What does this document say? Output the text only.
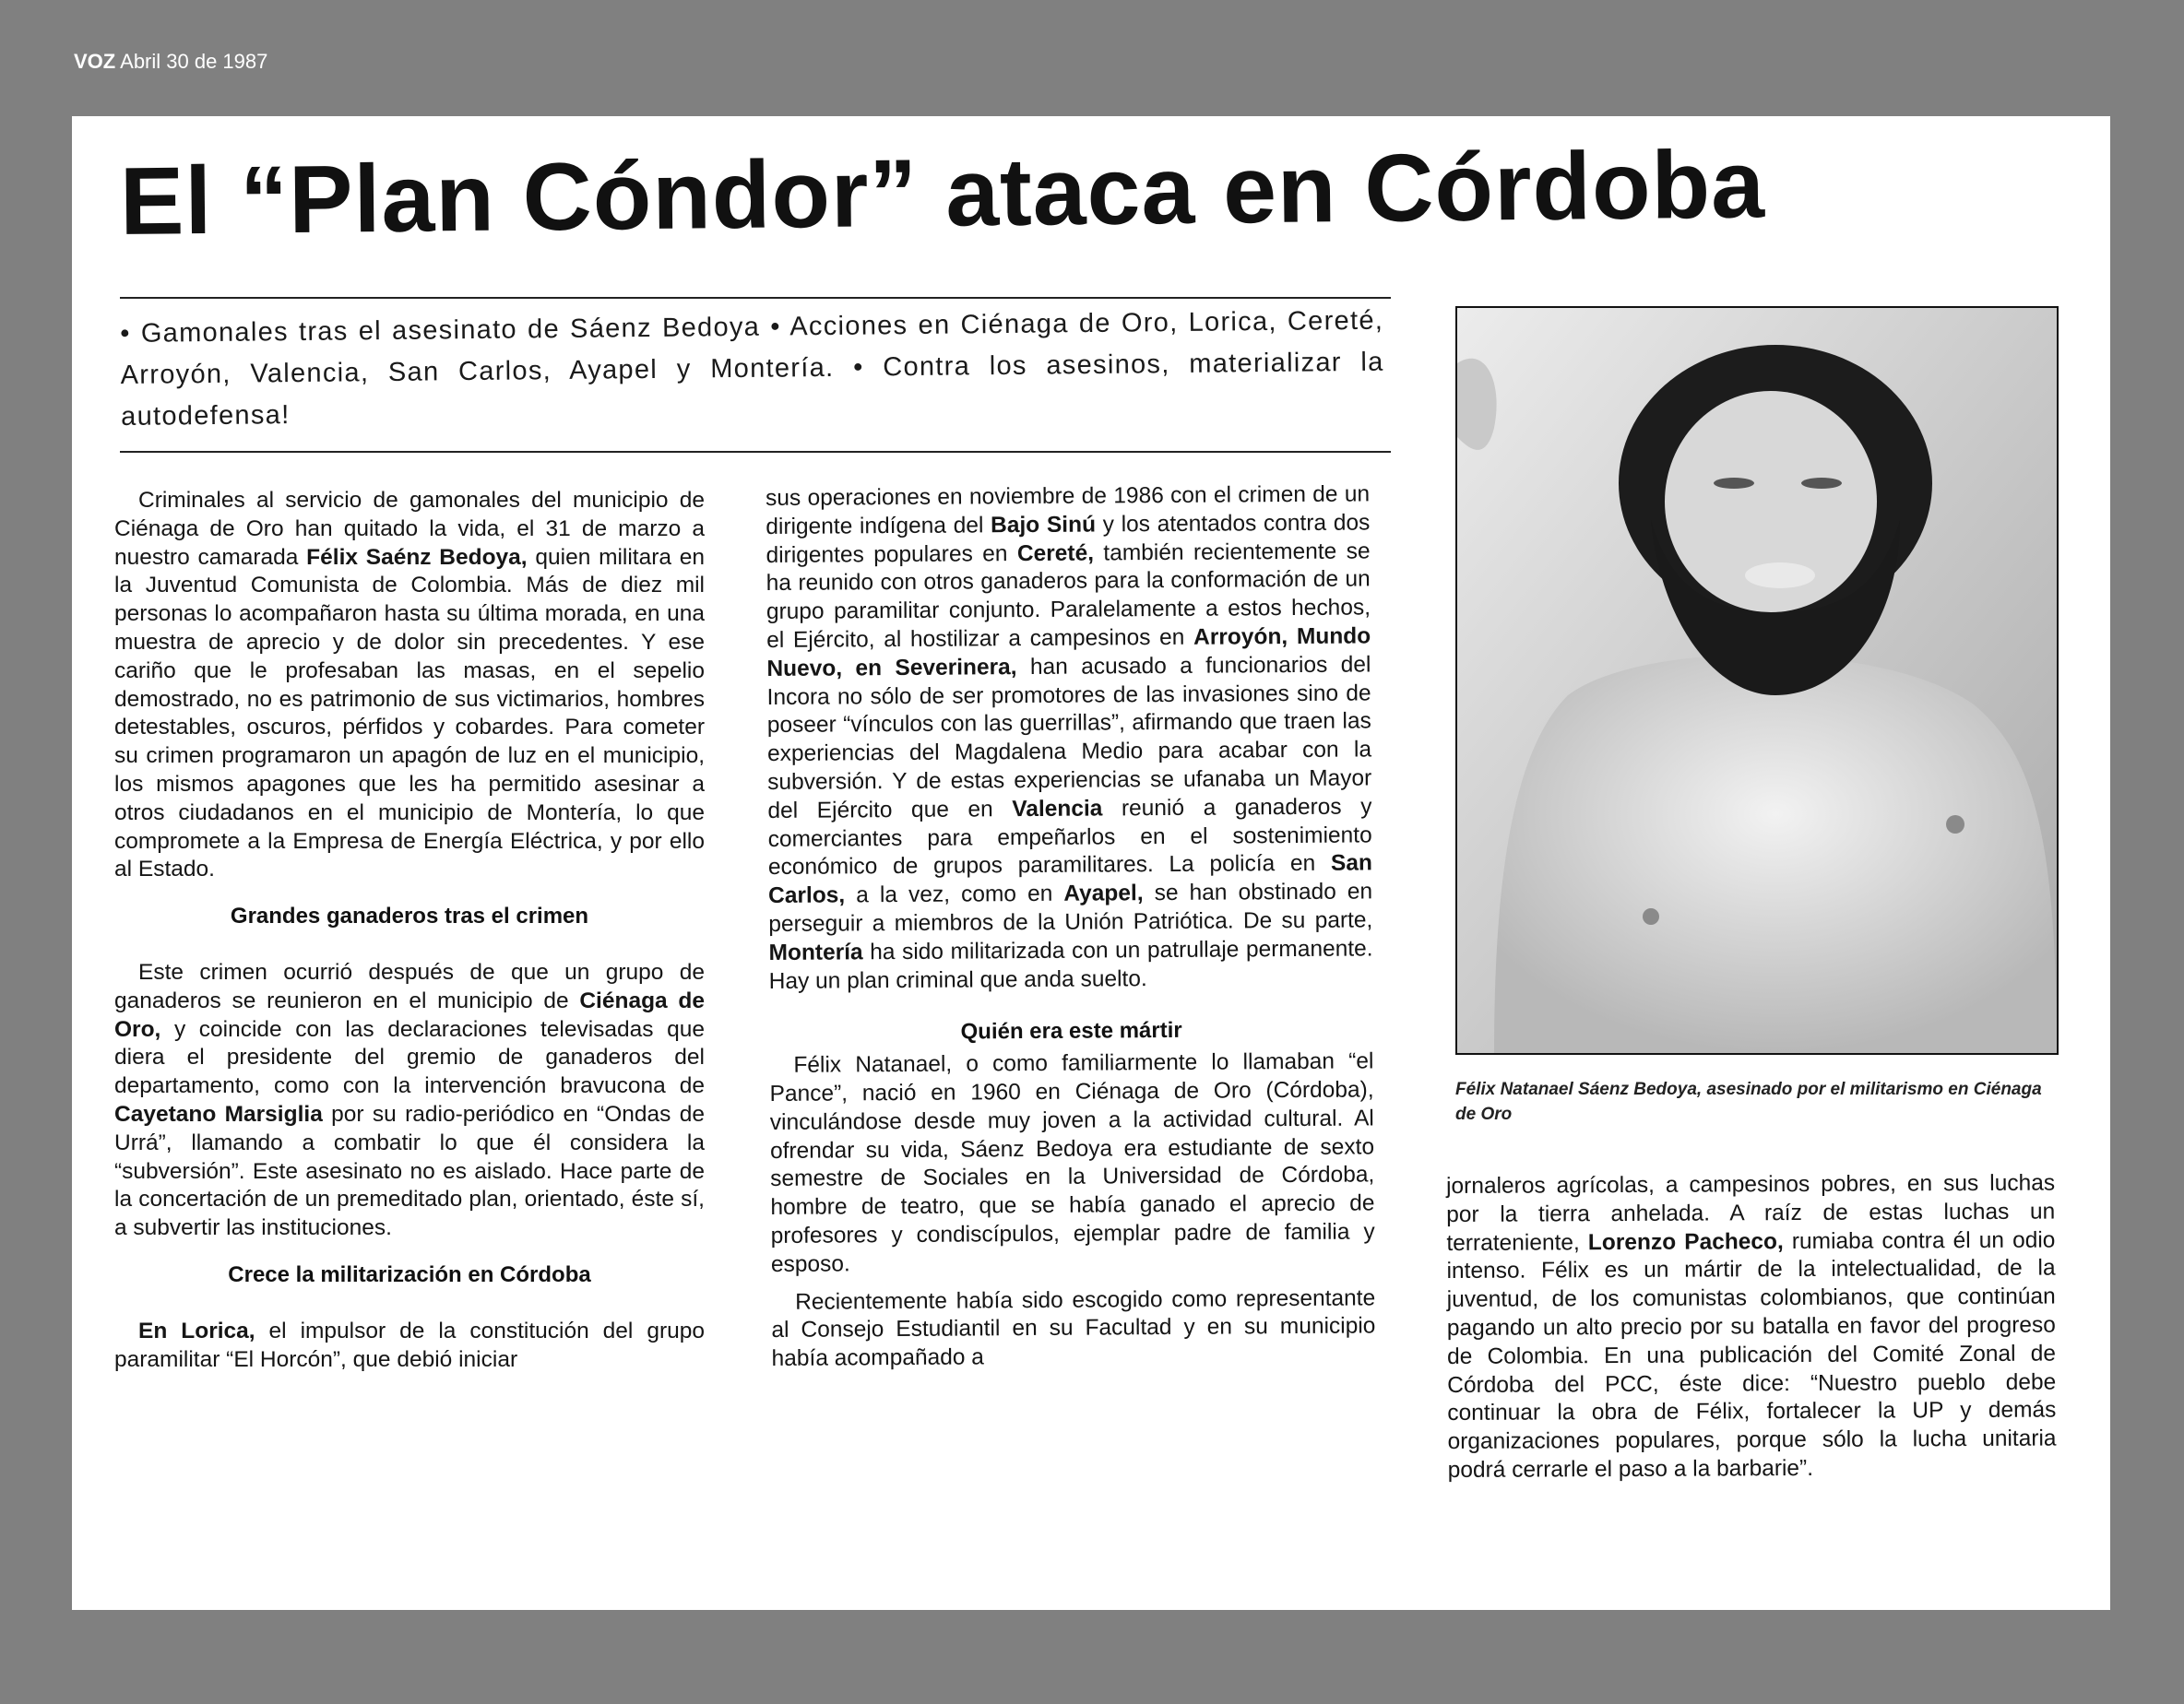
VOZ Abril 30 de 1987
El “Plan Cóndor” ataca en Córdoba
• Gamonales tras el asesinato de Sáenz Bedoya • Acciones en Ciénaga de Oro, Lorica, Cereté, Arroyón, Valencia, San Carlos, Ayapel y Montería. • Contra los asesinos, materializar la autodefensa!

Criminales al servicio de gamonales del municipio de Ciénaga de Oro han quitado la vida, el 31 de marzo a nuestro camarada Félix Saénz Bedoya, quien militara en la Juventud Comunista de Colombia. Más de diez mil personas lo acompañaron hasta su última morada, en una muestra de aprecio y de dolor sin precedentes. Y ese cariño que le profesaban las masas, en el sepelio demostrado, no es patrimonio de sus victimarios, hombres detestables, oscuros, pérfidos y cobardes. Para cometer su crimen programaron un apagón de luz en el municipio, los mismos apagones que les ha permitido asesinar a otros ciudadanos en el municipio de Montería, lo que compromete a la Empresa de Energía Eléctrica, y por ello al Estado.

Grandes ganaderos tras el crimen

Este crimen ocurrió después de que un grupo de ganaderos se reunieron en el municipio de Ciénaga de Oro, y coincide con las declaraciones televisadas que diera el presidente del gremio de ganaderos del departamento, como con la intervención bravucona de Cayetano Marsiglia por su radio-periódico en “Ondas de Urrá”, llamando a combatir lo que él considera la “subversión”. Este asesinato no es aislado. Hace parte de la concertación de un premeditado plan, orientado, éste sí, a subvertir las instituciones.

Crece la militarización en Córdoba

En Lorica, el impulsor de la constitución del grupo paramilitar “El Horcón”, que debió iniciar

sus operaciones en noviembre de 1986 con el crimen de un dirigente indígena del Bajo Sinú y los atentados contra dos dirigentes populares en Cereté, también recientemente se ha reunido con otros ganaderos para la conformación de un grupo paramilitar conjunto. Paralelamente a estos hechos, el Ejército, al hostilizar a campesinos en Arroyón, Mundo Nuevo, en Severinera, han acusado a funcionarios del Incora no sólo de ser promotores de las invasiones sino de poseer “vínculos con las guerrillas”, afirmando que traen las experiencias del Magdalena Medio para acabar con la subversión. Y de estas experiencias se ufanaba un Mayor del Ejército que en Valencia reunió a ganaderos y comerciantes para empeñarlos en el sostenimiento económico de grupos paramilitares. La policía en San Carlos, a la vez, como en Ayapel, se han obstinado en perseguir a miembros de la Unión Patriótica. De su parte, Montería ha sido militarizada con un patrullaje permanente. Hay un plan criminal que anda suelto.

Quién era este mártir

Félix Natanael, o como familiarmente lo llamaban “el Pance”, nació en 1960 en Ciénaga de Oro (Córdoba), vinculándose desde muy joven a la actividad cultural. Al ofrendar su vida, Sáenz Bedoya era estudiante de sexto semestre de Sociales en la Universidad de Córdoba, hombre de teatro, que se había ganado el aprecio de profesores y condiscípulos, ejemplar padre de familia y esposo.

Recientemente había sido escogido como representante al Consejo Estudiantil en su Facultad y en su municipio había acompañado a

Félix Natanael Sáenz Bedoya, asesinado por el militarismo en Ciénaga de Oro

jornaleros agrícolas, a campesinos pobres, en sus luchas por la tierra anhelada. A raíz de estas luchas un terrateniente, Lorenzo Pacheco, rumiaba contra él un odio intenso. Félix es un mártir de la intelectualidad, de la juventud, de los comunistas colombianos, que continúan pagando un alto precio por su batalla en favor del progreso de Colombia. En una publicación del Comité Zonal de Córdoba del PCC, éste dice: “Nuestro pueblo debe continuar la obra de Félix, fortalecer la UP y demás organizaciones populares, porque sólo la lucha unitaria podrá cerrarle el paso a la barbarie”.
